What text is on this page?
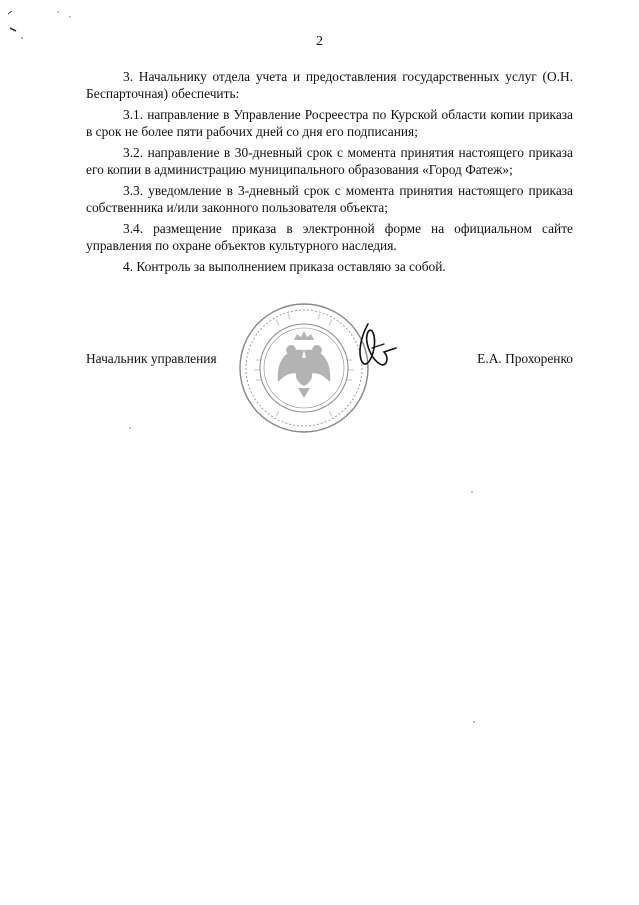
2

3. Начальнику отдела учета и предоставления государственных услуг (О.Н. Беспарточная) обеспечить:

3.1. направление в Управление Росреестра по Курской области копии приказа в срок не более пяти рабочих дней со дня его подписания;

3.2. направление в 30-дневный срок с момента принятия настоящего приказа его копии в администрацию муниципального образования «Город Фатеж»;

3.3. уведомление в 3-дневный срок с момента принятия настоящего приказа собственника и/или законного пользователя объекта;

3.4. размещение приказа в электронной форме на официальном сайте управления по охране объектов культурного наследия.

4. Контроль за выполнением приказа оставляю за собой.

Начальник управления	Е.А. Прохоренко
